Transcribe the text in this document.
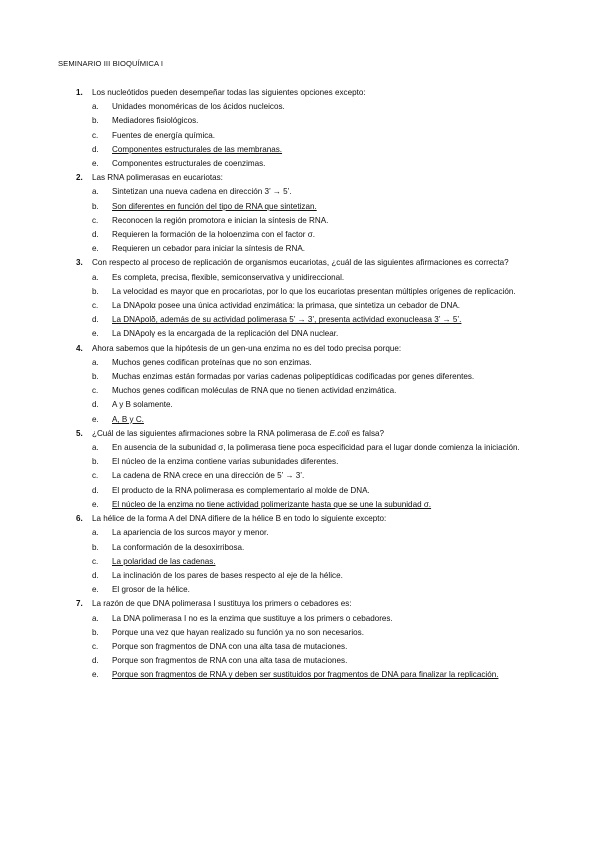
SEMINARIO III BIOQUÍMICA I
1. Los nucleótidos pueden desempeñar todas las siguientes opciones excepto:
a. Unidades monoméricas de los ácidos nucleicos.
b. Mediadores fisiológicos.
c. Fuentes de energía química.
d. Componentes estructurales de las membranas.
e. Componentes estructurales de coenzimas.
2. Las RNA polimerasas en eucariotas:
a. Sintetizan una nueva cadena en dirección 3’ → 5’.
b. Son diferentes en función del tipo de RNA que sintetizan.
c. Reconocen la región promotora e inician la síntesis de RNA.
d. Requieren la formación de la holoenzima con el factor σ.
e. Requieren un cebador para iniciar la síntesis de RNA.
3. Con respecto al proceso de replicación de organismos eucariotas, ¿cuál de las siguientes afirmaciones es correcta?
a. Es completa, precisa, flexible, semiconservativa y unidireccional.
b. La velocidad es mayor que en procariotas, por lo que los eucariotas presentan múltiples orígenes de replicación.
c. La DNApolα posee una única actividad enzimática: la primasa, que sintetiza un cebador de DNA.
d. La DNApolδ, además de su actividad polimerasa 5’ → 3’, presenta actividad exonucleasa 3’ → 5’.
e. La DNApolγ es la encargada de la replicación del DNA nuclear.
4. Ahora sabemos que la hipótesis de un gen-una enzima no es del todo precisa porque:
a. Muchos genes codifican proteínas que no son enzimas.
b. Muchas enzimas están formadas por varias cadenas polipeptídicas codificadas por genes diferentes.
c. Muchos genes codifican moléculas de RNA que no tienen actividad enzimática.
d. A y B solamente.
e. A, B y C.
5. ¿Cuál de las siguientes afirmaciones sobre la RNA polimerasa de E.coli es falsa?
a. En ausencia de la subunidad σ, la polimerasa tiene poca especificidad para el lugar donde comienza la iniciación.
b. El núcleo de la enzima contiene varias subunidades diferentes.
c. La cadena de RNA crece en una dirección de 5’ → 3’.
d. El producto de la RNA polimerasa es complementario al molde de DNA.
e. El núcleo de la enzima no tiene actividad polimerizante hasta que se une la subunidad σ.
6. La hélice de la forma A del DNA difiere de la hélice B en todo lo siguiente excepto:
a. La apariencia de los surcos mayor y menor.
b. La conformación de la desoxirribosa.
c. La polaridad de las cadenas.
d. La inclinación de los pares de bases respecto al eje de la hélice.
e. El grosor de la hélice.
7. La razón de que DNA polimerasa I sustituya los primers o cebadores es:
a. La DNA polimerasa I no es la enzima que sustituye a los primers o cebadores.
b. Porque una vez que hayan realizado su función ya no son necesarios.
c. Porque son fragmentos de DNA con una alta tasa de mutaciones.
d. Porque son fragmentos de RNA con una alta tasa de mutaciones.
e. Porque son fragmentos de RNA y deben ser sustituidos por fragmentos de DNA para finalizar la replicación.
